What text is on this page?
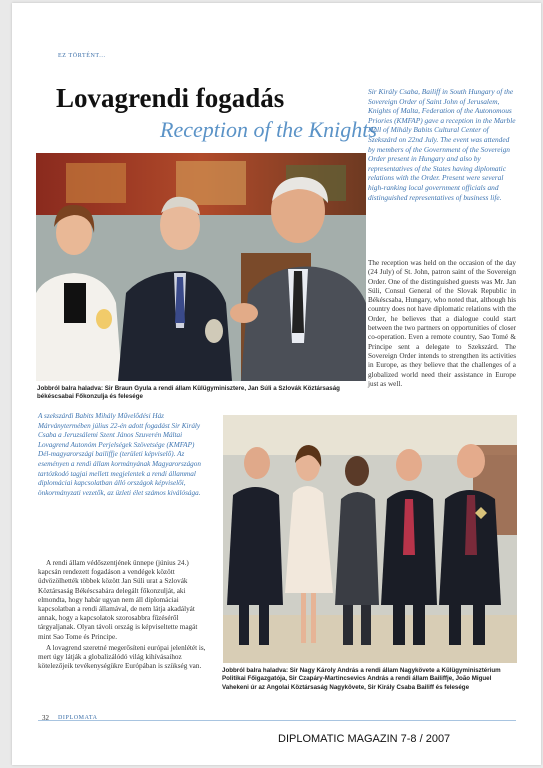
EZ TÖRTÉNT...
Lovagrendi fogadás
Reception of the Knights
Sir Király Csaba, Bailiff in South Hungary of the Sovereign Order of Saint John of Jerusalem, Knights of Malta, Federation of the Autonomous Priories (KMFAP) gave a reception in the Marble Hall of Mihály Babits Cultural Center of Szekszárd on 22nd July. The event was attended by members of the Government of the Sovereign Order present in Hungary and also by representatives of the States having diplomatic relations with the Order. Present were several high-ranking local government officials and distinguished representatives of business life.
Jobbról balra haladva: Sir Braun Gyula a rendi állam Külügyminisztere, Jan Súli a Szlovák Köztársaság békéscsabai Főkonzulja és felesége
The reception was held on the occasion of the day (24 July) of St. John, patron saint of the Sovereign Order. One of the distinguished guests was Mr. Jan Súli, Consul General of the Slovak Republic in Békéscsaba, Hungary, who noted that, although his country does not have diplomatic relations with the Order, he believes that a dialogue could start between the two partners on opportunities of closer co-operation. Even a remote country, Sao Tomé & Principe sent a delegate to Szekszárd. The Sovereign Order intends to strengthen its activities in Europe, as they believe that the challenges of a globalized world need their assistance in Europe just as well.
A szekszárdi Babits Mihály Művelődési Ház Márványtermében július 22-én adott fogadást Sir Király Csaba a Jeruzsálemi Szent János Szuverén Máltai Lovagrend Autonóm Perjelségek Szövetsége (KMFAP) Dél-magyarországi bailiffje (területi képviselő). Az eseményen a rendi állam kormányának Magyarországon tartózkodó tagjai mellett megjelentek a rendi állammal diplomáciai kapcsolatban álló országok képviselői, önkormányzati vezetők, az üzleti élet számos kiválósága.

A rendi állam védőszentjének ünnepe (június 24.) kapcsán rendezett fogadáson a vendégek között üdvözölhették többek között Jan Súli urat a Szlovák Köztársaság Békéscsabára delegált főkonzulját, aki elmondta, hogy habár ugyan nem áll diplomáciai kapcsolatban a rendi államával, de nem látja akadályát annak, hogy a kapcsolatok szorosabbra fűzéséről tárgyaljanak. Olyan távoli ország is képviseltette magát mint Sao Tome és Principe.

A lovagrend szeretné megerősíteni európai jelenlétét is, mert úgy látják a globalizálódó világ kihívásaihoz kötelezőjeik tevékenységükre Európában is szükség van.

Jobbról balra haladva: Sir Nagy Károly András a rendi állam Nagykövete a Külügyminisztérium Politikai Főigazgatója, Sir Czapáry-Martincsevics András a rendi állam Bailiffje, João Miguel Vahekeni úr az Angolai Köztársaság Nagykövete, Sir Király Csaba Bailiff és felesége
32 DIPLOMATA
DIPLOMATIC MAGAZIN 7-8 / 2007
